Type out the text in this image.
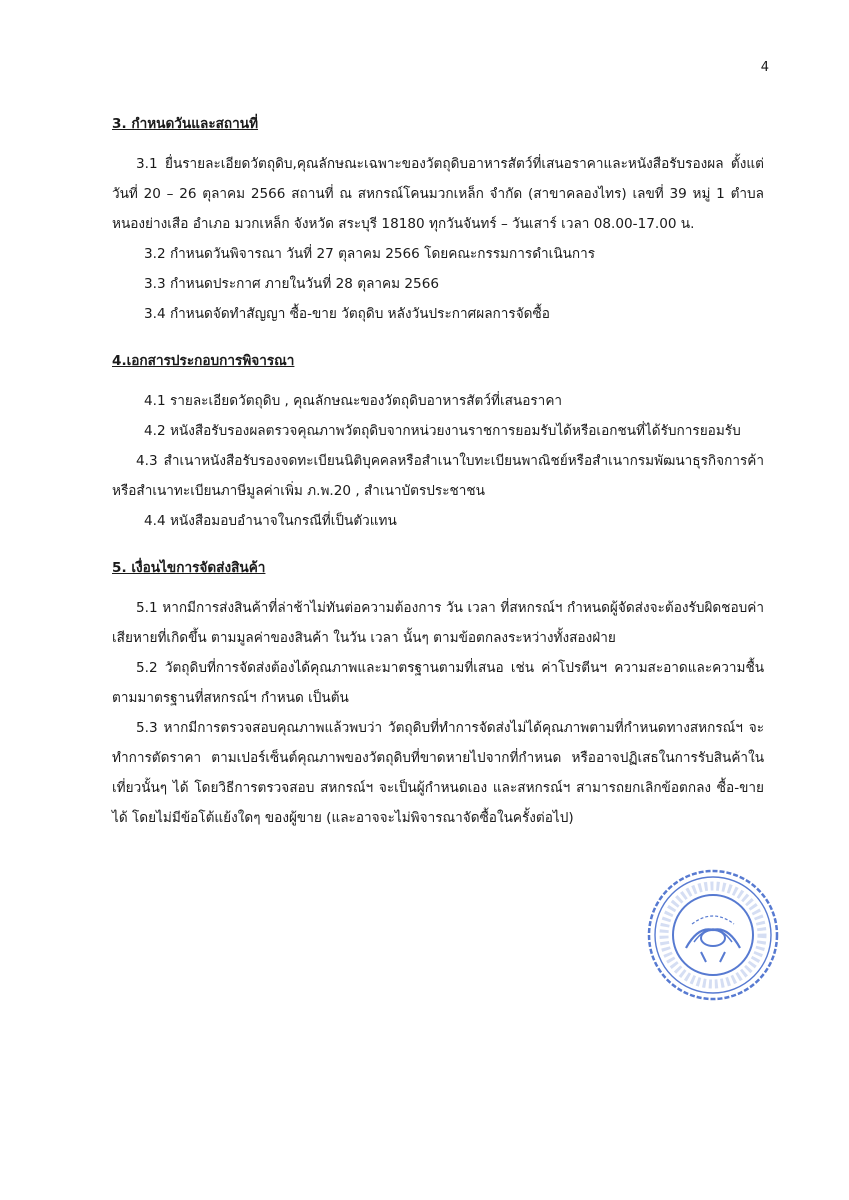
4

3. กำหนดวันและสถานที่

3.1 ยื่นรายละเอียดวัตถุดิบ,คุณลักษณะเฉพาะของวัตถุดิบอาหารสัตว์ที่เสนอราคาและหนังสือรับรองผล ตั้งแต่วันที่ 20 – 26 ตุลาคม 2566 สถานที่ ณ สหกรณ์โคนมวกเหล็ก จำกัด (สาขาคลองไทร) เลขที่ 39 หมู่ 1 ตำบล หนองย่างเสือ อำเภอ มวกเหล็ก จังหวัด สระบุรี 18180 ทุกวันจันทร์ – วันเสาร์ เวลา 08.00-17.00 น.

3.2 กำหนดวันพิจารณา วันที่ 27 ตุลาคม 2566 โดยคณะกรรมการดำเนินการ

3.3 กำหนดประกาศ ภายในวันที่ 28 ตุลาคม 2566

3.4 กำหนดจัดทำสัญญา ซื้อ-ขาย วัตถุดิบ หลังวันประกาศผลการจัดซื้อ

4.เอกสารประกอบการพิจารณา

4.1 รายละเอียดวัตถุดิบ , คุณลักษณะของวัตถุดิบอาหารสัตว์ที่เสนอราคา

4.2 หนังสือรับรองผลตรวจคุณภาพวัตถุดิบจากหน่วยงานราชการยอมรับได้หรือเอกชนที่ได้รับการยอมรับ

4.3 สำเนาหนังสือรับรองจดทะเบียนนิติบุคคลหรือสำเนาใบทะเบียนพาณิชย์หรือสำเนากรมพัฒนาธุรกิจการค้าหรือสำเนาทะเบียนภาษีมูลค่าเพิ่ม ภ.พ.20 , สำเนาบัตรประชาชน

4.4 หนังสือมอบอำนาจในกรณีที่เป็นตัวแทน

5. เงื่อนไขการจัดส่งสินค้า

5.1 หากมีการส่งสินค้าที่ล่าช้าไม่ทันต่อความต้องการ วัน เวลา ที่สหกรณ์ฯ กำหนดผู้จัดส่งจะต้องรับผิดชอบค่าเสียหายที่เกิดขึ้น ตามมูลค่าของสินค้า ในวัน เวลา นั้นๆ ตามข้อตกลงระหว่างทั้งสองฝ่าย

5.2 วัตถุดิบที่การจัดส่งต้องได้คุณภาพและมาตรฐานตามที่เสนอ เช่น ค่าโปรตีนฯ ความสะอาดและความชื้นตามมาตรฐานที่สหกรณ์ฯ กำหนด เป็นต้น

5.3 หากมีการตรวจสอบคุณภาพแล้วพบว่า วัตถุดิบที่ทำการจัดส่งไม่ได้คุณภาพตามที่กำหนดทางสหกรณ์ฯ จะทำการตัดราคา ตามเปอร์เซ็นต์คุณภาพของวัตถุดิบที่ขาดหายไปจากที่กำหนด หรืออาจปฏิเสธในการรับสินค้าในเที่ยวนั้นๆ ได้ โดยวิธีการตรวจสอบ สหกรณ์ฯ จะเป็นผู้กำหนดเอง และสหกรณ์ฯ สามารถยกเลิกข้อตกลง ซื้อ-ขายได้ โดยไม่มีข้อโต้แย้งใดๆ ของผู้ขาย (และอาจจะไม่พิจารณาจัดซื้อในครั้งต่อไป)
